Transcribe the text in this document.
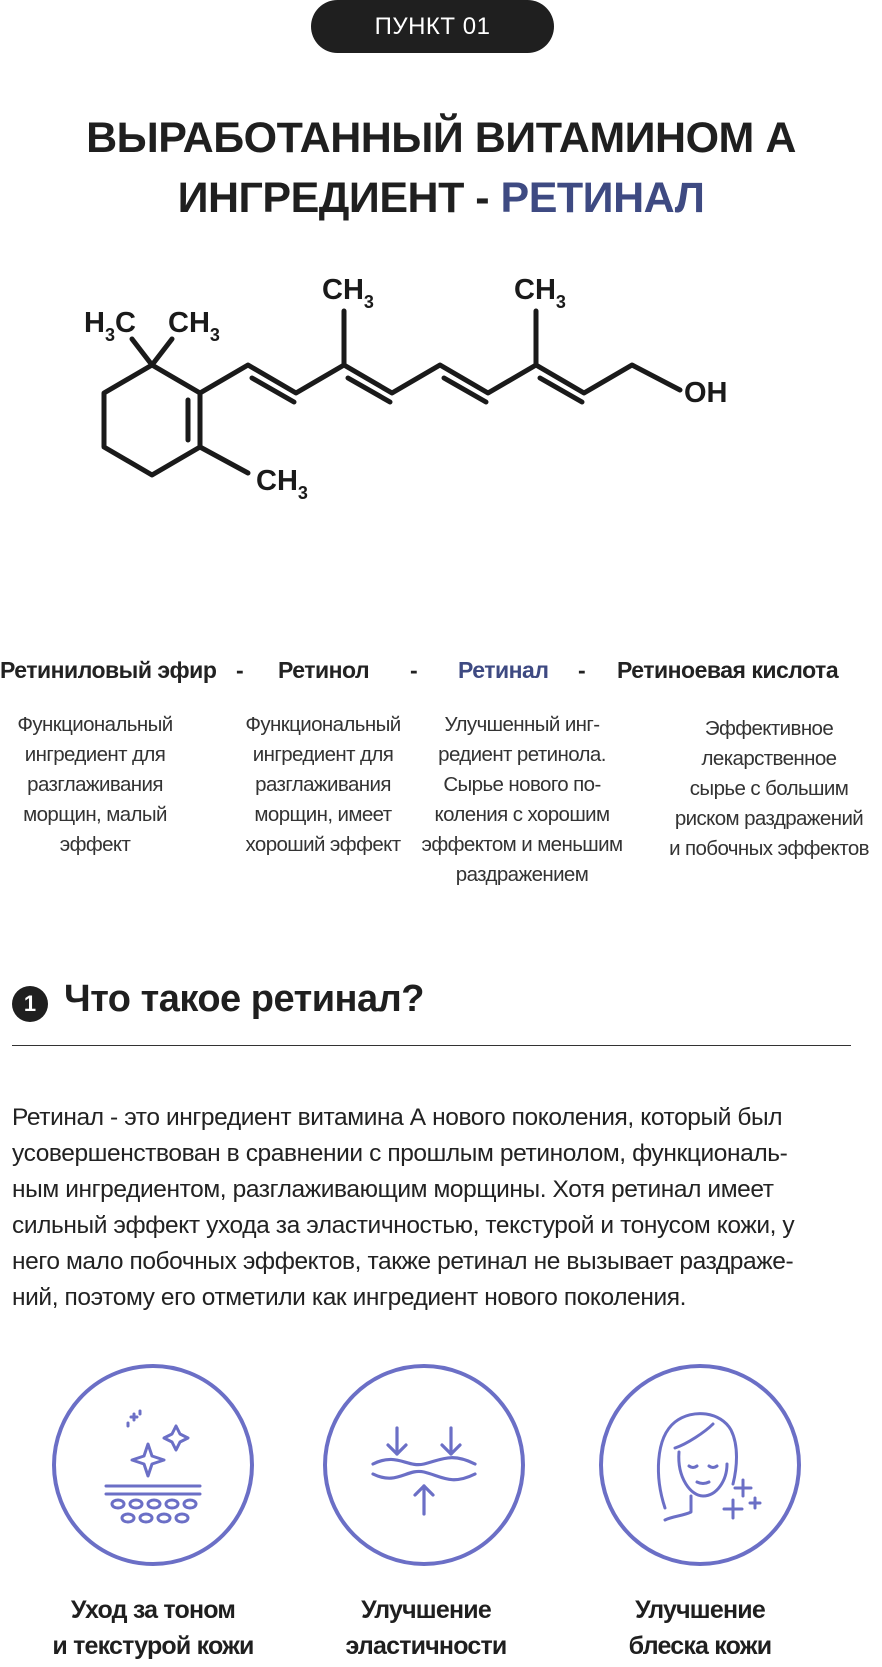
ПУНКТ 01
ВЫРАБОТАННЫЙ ВИТАМИНОМ А
ИНГРЕДИЕНТ - РЕТИНАЛ
$H_3C$ $CH_3$
$CH_3$
$CH_3$	$CH_3$
OH
Ретиниловый эфир - Ретинол - Ретинал - Ретиноевая кислота
Функциональный
ингредиент для
разглаживания
морщин, малый
эффект
Функциональный
ингредиент для
разглаживания
морщин, имеет
хороший эффект
Улучшенный инг-
редиент ретинола.
Сырье нового по-
коления с хорошим
эффектом и меньшим
раздражением
Эффективное
лекарственное
сырье с большим
риском раздражений
и побочных эффектов
1 Что такое ретинал?

Ретинал - это ингредиент витамина А нового поколения, который был

усовершенствован в сравнении с прошлым ретинолом, функциональ-

ным ингредиентом, разглаживающим морщины. Хотя ретинал имеет

сильный эффект ухода за эластичностью, текстурой и тонусом кожи, у

него мало побочных эффектов, также ретинал не вызывает раздраже-

ний, поэтому его отметили как ингредиент нового поколения.

Уход за тоном
и текстурой кожи
Улучшение
эластичности
Улучшение
блеска кожи
